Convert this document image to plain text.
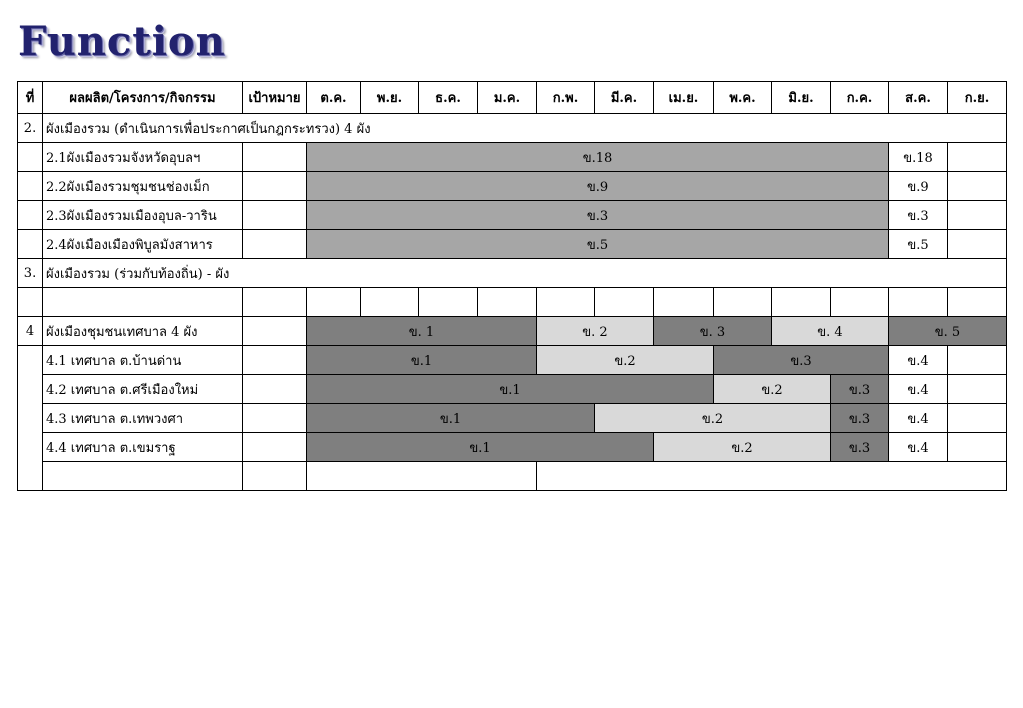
Function
ที่	ผลผลิต/โครงการ/กิจกรรม	เป้าหมาย	ต.ค.	พ.ย.	ธ.ค.	ม.ค.	ก.พ.	มี.ค.	เม.ย.	พ.ค.	มิ.ย.	ก.ค.	ส.ค.	ก.ย.
2.	ผังเมืองรวม (ดำเนินการเพื่อประกาศเป็นกฎกระทรวง) 4 ผัง													
	2.1ผังเมืองรวมจังหวัดอุบลฯ		ข.18										ข.18	
	2.2ผังเมืองรวมชุมชนช่องเม็ก		ข.9										ข.9	
	2.3ผังเมืองรวมเมืองอุบล-วาริน		ข.3										ข.3	
	2.4ผังเมืองเมืองพิบูลมังสาหาร		ข.5										ข.5	
3.	ผังเมืองรวม (ร่วมกับท้องถิ่น) - ผัง													

4	ผังเมืองชุมชนเทศบาล 4 ผัง		ข. 1				ข. 2		ข. 3		ข. 4		ข. 5	
	4.1 เทศบาล ต.บ้านด่าน		ข.1				ข.2			ข.3			ข.4	
	4.2 เทศบาล ต.ศรีเมืองใหม่		ข.1							ข.2		ข.3	ข.4	
	4.3 เทศบาล ต.เทพวงศา		ข.1					ข.2				ข.3	ข.4	
	4.4 เทศบาล ต.เขมราฐ		ข.1						ข.2			ข.3	ข.4	
